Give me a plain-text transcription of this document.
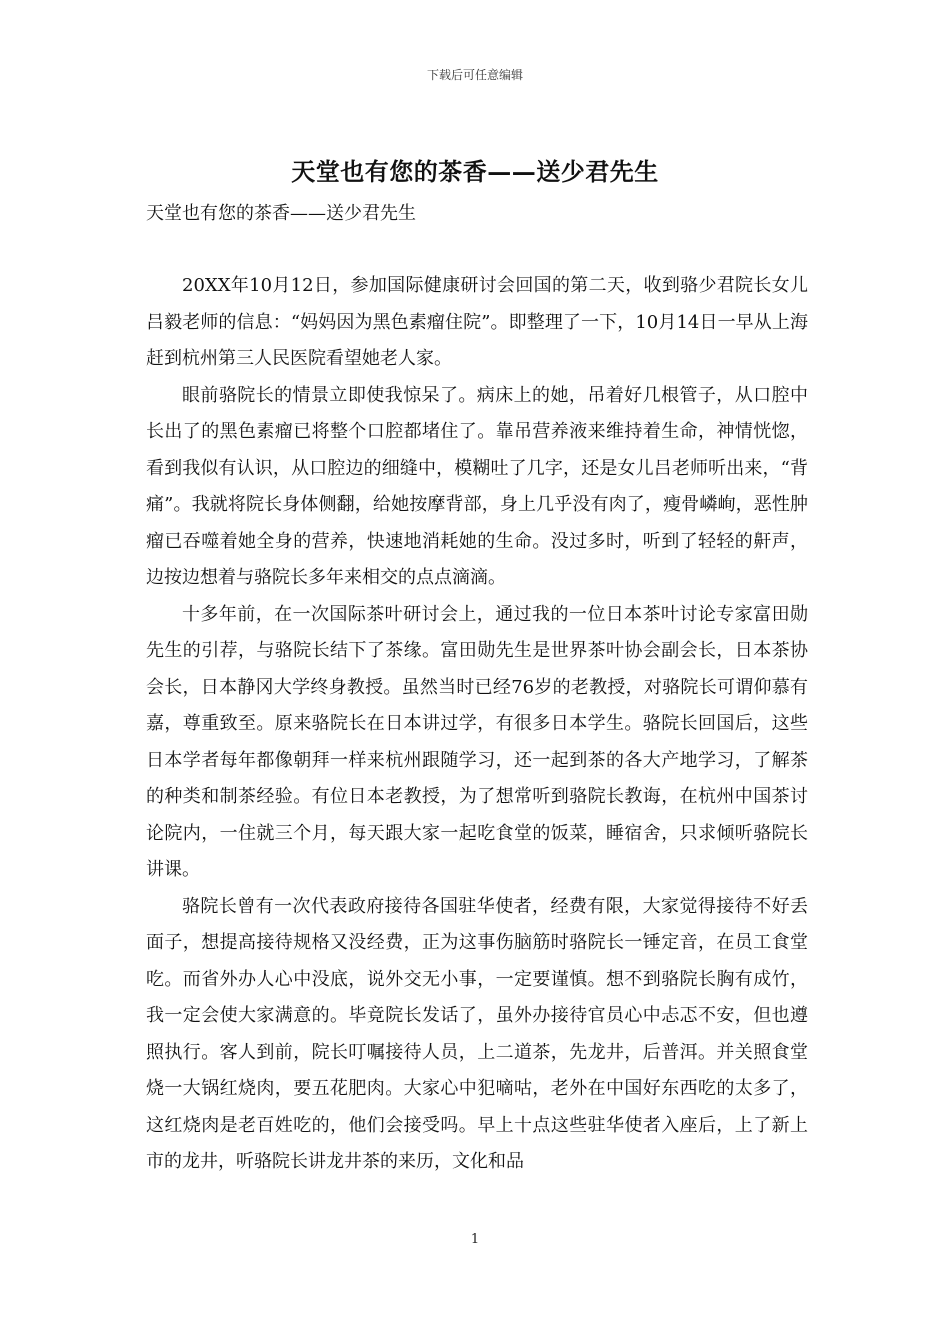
下载后可任意编辑
天堂也有您的茶香——送少君先生

天堂也有您的茶香——送少君先生

20XX年10月12日，参加国际健康研讨会回国的第二天，收到骆少君院长女儿吕毅老师的信息：“妈妈因为黑色素瘤住院”。即整理了一下，10月14日一早从上海赶到杭州第三人民医院看望她老人家。

眼前骆院长的情景立即使我惊呆了。病床上的她，吊着好几根管子，从口腔中长出了的黑色素瘤已将整个口腔都堵住了。靠吊营养液来维持着生命，神情恍惚，看到我似有认识，从口腔边的细缝中，模糊吐了几字，还是女儿吕老师听出来，“背痛”。我就将院长身体侧翻，给她按摩背部，身上几乎没有肉了，瘦骨嶙峋，恶性肿瘤已吞噬着她全身的营养，快速地消耗她的生命。没过多时，听到了轻轻的鼾声，边按边想着与骆院长多年来相交的点点滴滴。

十多年前，在一次国际茶叶研讨会上，通过我的一位日本茶叶讨论专家富田勋先生的引荐，与骆院长结下了茶缘。富田勋先生是世界茶叶协会副会长，日本茶协会长，日本静冈大学终身教授。虽然当时已经76岁的老教授，对骆院长可谓仰慕有嘉，尊重致至。原来骆院长在日本讲过学，有很多日本学生。骆院长回国后，这些日本学者每年都像朝拜一样来杭州跟随学习，还一起到茶的各大产地学习，了解茶的种类和制茶经验。有位日本老教授，为了想常听到骆院长教诲，在杭州中国茶讨论院内，一住就三个月，每天跟大家一起吃食堂的饭菜，睡宿舍，只求倾听骆院长讲课。

骆院长曾有一次代表政府接待各国驻华使者，经费有限，大家觉得接待不好丢面子，想提高接待规格又没经费，正为这事伤脑筋时骆院长一锤定音，在员工食堂吃。而省外办人心中没底，说外交无小事，一定要谨慎。想不到骆院长胸有成竹，我一定会使大家满意的。毕竟院长发话了，虽外办接待官员心中忐忑不安，但也遵照执行。客人到前，院长叮嘱接待人员，上二道茶，先龙井，后普洱。并关照食堂烧一大锅红烧肉，要五花肥肉。大家心中犯嘀咕，老外在中国好东西吃的太多了，这红烧肉是老百姓吃的，他们会接受吗。早上十点这些驻华使者入座后，上了新上市的龙井，听骆院长讲龙井茶的来历，文化和品

1
